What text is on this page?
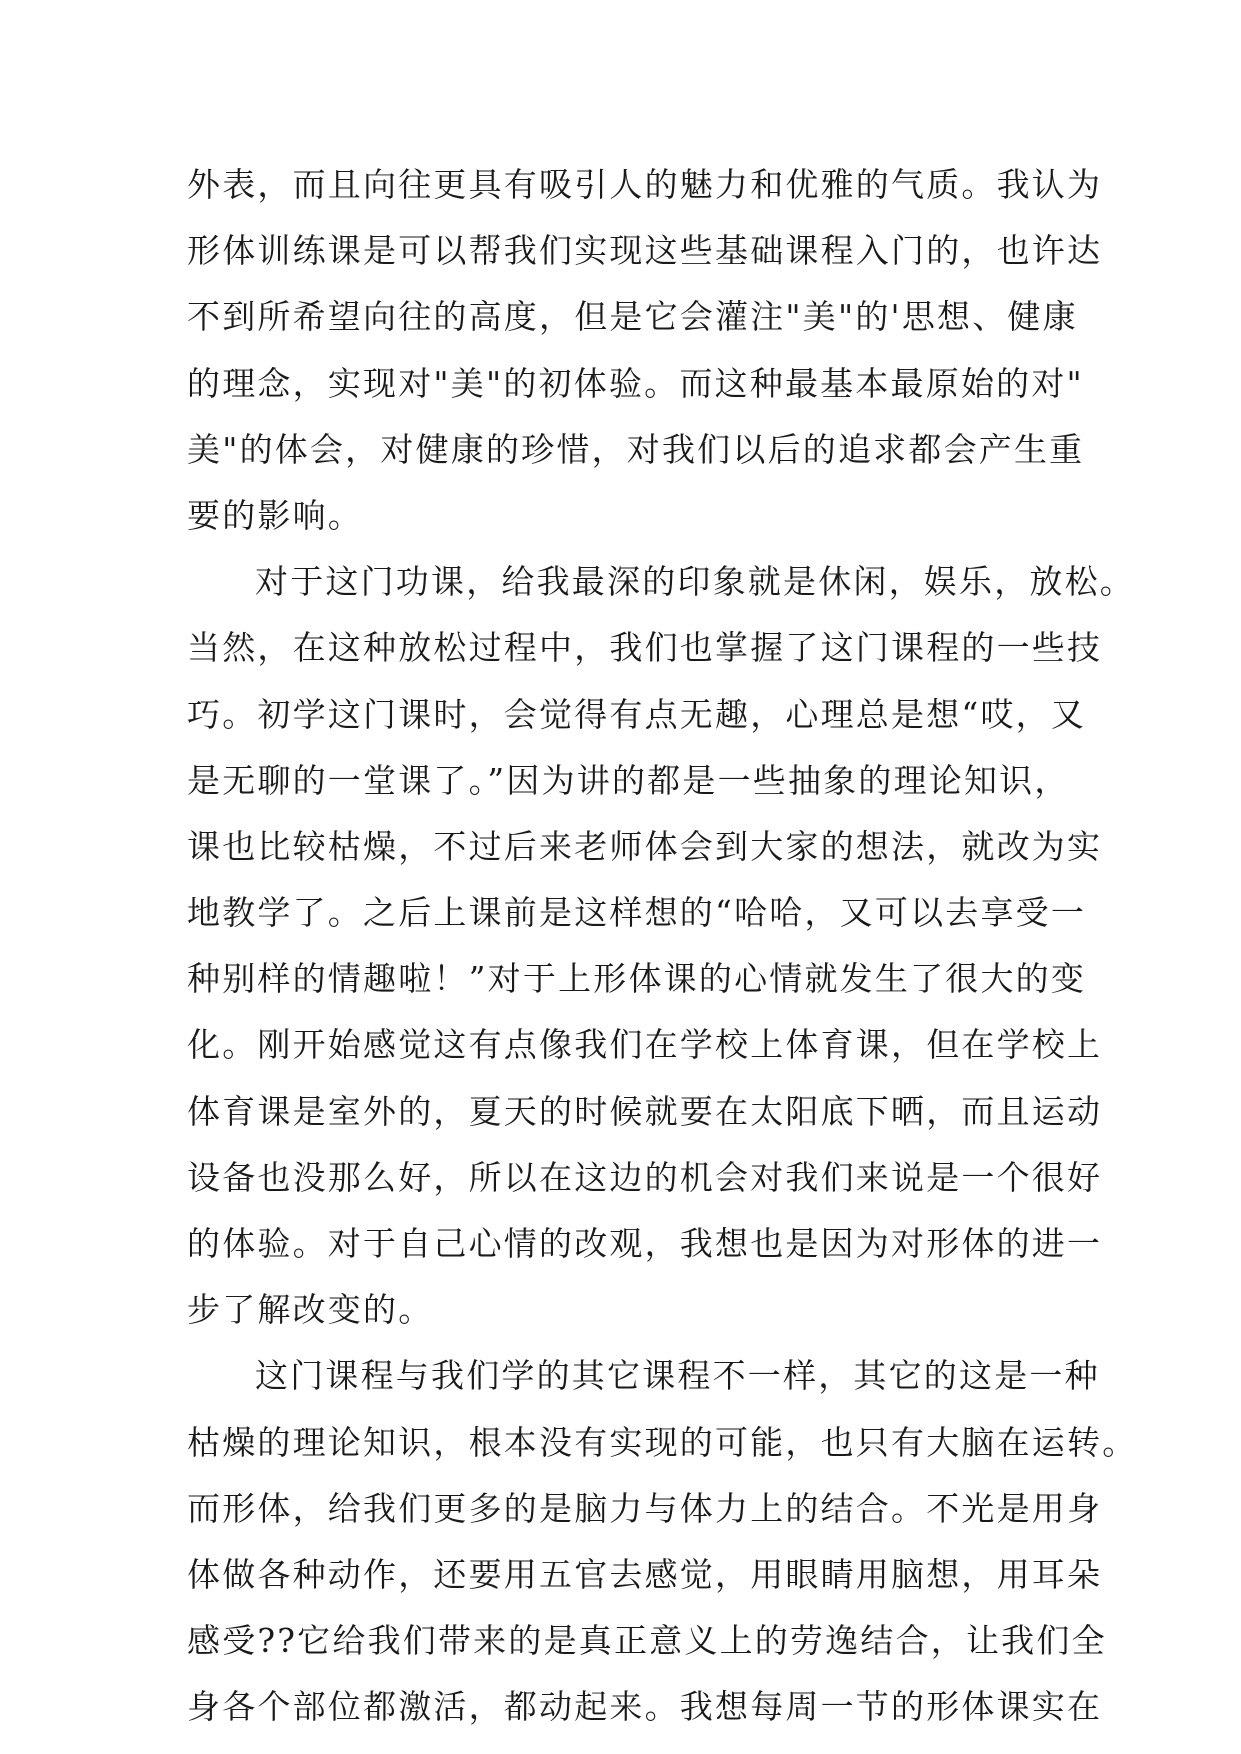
外表，而且向往更具有吸引人的魅力和优雅的气质。我认为
形体训练课是可以帮我们实现这些基础课程入门的，也许达
不到所希望向往的高度，但是它会灌注"美"的'思想、健康
的理念，实现对"美"的初体验。而这种最基本最原始的对"
美"的体会，对健康的珍惜，对我们以后的追求都会产生重
要的影响。
对于这门功课，给我最深的印象就是休闲，娱乐，放松。
当然，在这种放松过程中，我们也掌握了这门课程的一些技
巧。初学这门课时，会觉得有点无趣，心理总是想“哎，又
是无聊的一堂课了。”因为讲的都是一些抽象的理论知识，
课也比较枯燥，不过后来老师体会到大家的想法，就改为实
地教学了。之后上课前是这样想的“哈哈，又可以去享受一
种别样的情趣啦！”对于上形体课的心情就发生了很大的变
化。刚开始感觉这有点像我们在学校上体育课，但在学校上
体育课是室外的，夏天的时候就要在太阳底下晒，而且运动
设备也没那么好，所以在这边的机会对我们来说是一个很好
的体验。对于自己心情的改观，我想也是因为对形体的进一
步了解改变的。
这门课程与我们学的其它课程不一样，其它的这是一种
枯燥的理论知识，根本没有实现的可能，也只有大脑在运转。
而形体，给我们更多的是脑力与体力上的结合。不光是用身
体做各种动作，还要用五官去感觉，用眼睛用脑想，用耳朵
感受??它给我们带来的是真正意义上的劳逸结合，让我们全
身各个部位都激活，都动起来。我想每周一节的形体课实在
